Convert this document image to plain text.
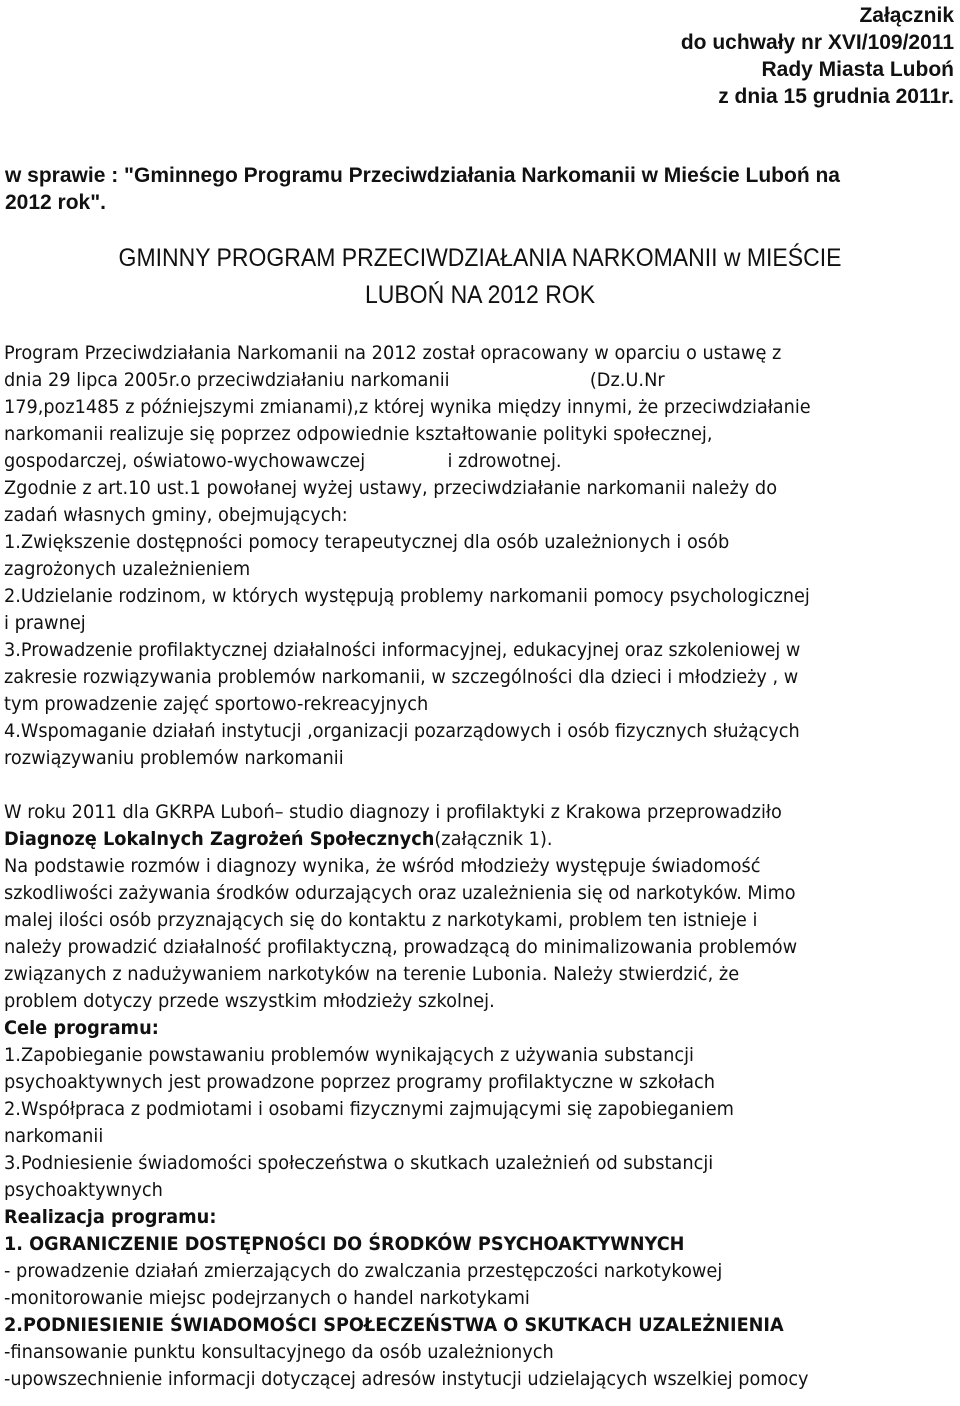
Załącznik
do uchwały nr XVI/109/2011
Rady Miasta Luboń
z dnia 15 grudnia 2011r.
w sprawie : "Gminnego Programu Przeciwdziałania Narkomanii w Mieście Luboń na
2012 rok".
GMINNY PROGRAM PRZECIWDZIAŁANIA NARKOMANII w MIEŚCIE
LUBOŃ NA 2012 ROK
Program Przeciwdziałania Narkomanii na 2012 został opracowany w oparciu o ustawę z
dnia 29 lipca 2005r.o przeciwdziałaniu narkomanii	(Dz.U.Nr
179,poz1485 z późniejszymi zmianami),z której wynika między innymi, że przeciwdziałanie
narkomanii realizuje się poprzez odpowiednie kształtowanie polityki społecznej,
gospodarczej, oświatowo-wychowawczej	i zdrowotnej.
Zgodnie z art.10 ust.1 powołanej wyżej ustawy, przeciwdziałanie narkomanii należy do
zadań własnych gminy, obejmujących:
1.Zwiększenie dostępności pomocy terapeutycznej dla osób uzależnionych i osób
zagrożonych uzależnieniem
2.Udzielanie rodzinom, w których występują problemy narkomanii pomocy psychologicznej
i prawnej
3.Prowadzenie profilaktycznej działalności informacyjnej, edukacyjnej oraz szkoleniowej w
zakresie rozwiązywania problemów narkomanii, w szczególności dla dzieci i młodzieży , w
tym prowadzenie zajęć sportowo-rekreacyjnych
4.Wspomaganie działań instytucji ,organizacji pozarządowych i osób fizycznych służących
rozwiązywaniu problemów narkomanii
W roku 2011 dla GKRPA Luboń– studio diagnozy i profilaktyki z Krakowa przeprowadziło
Diagnozę Lokalnych Zagrożeń Społecznych(załącznik 1).
Na podstawie rozmów i diagnozy wynika, że wśród młodzieży występuje świadomość
szkodliwości zażywania środków odurzających oraz uzależnienia się od narkotyków. Mimo
malej ilości osób przyznających się do kontaktu z narkotykami, problem ten istnieje i
należy prowadzić działalność profilaktyczną, prowadzącą do minimalizowania problemów
związanych z nadużywaniem narkotyków na terenie Lubonia. Należy stwierdzić, że
problem dotyczy przede wszystkim młodzieży szkolnej.
Cele programu:
1.Zapobieganie powstawaniu problemów wynikających z używania substancji
psychoaktywnych jest prowadzone poprzez programy profilaktyczne w szkołach
2.Współpraca z podmiotami i osobami fizycznymi zajmującymi się zapobieganiem
narkomanii
3.Podniesienie świadomości społeczeństwa o skutkach uzależnień od substancji
psychoaktywnych
Realizacja programu:
1. OGRANICZENIE DOSTĘPNOŚCI DO ŚRODKÓW PSYCHOAKTYWNYCH
- prowadzenie działań zmierzających do zwalczania przestępczości narkotykowej
-monitorowanie miejsc podejrzanych o handel narkotykami
2.PODNIESIENIE ŚWIADOMOŚCI SPOŁECZEŃSTWA O SKUTKACH UZALEŻNIENIA
-finansowanie punktu konsultacyjnego da osób uzależnionych
-upowszechnienie informacji dotyczącej adresów instytucji udzielających wszelkiej pomocy
